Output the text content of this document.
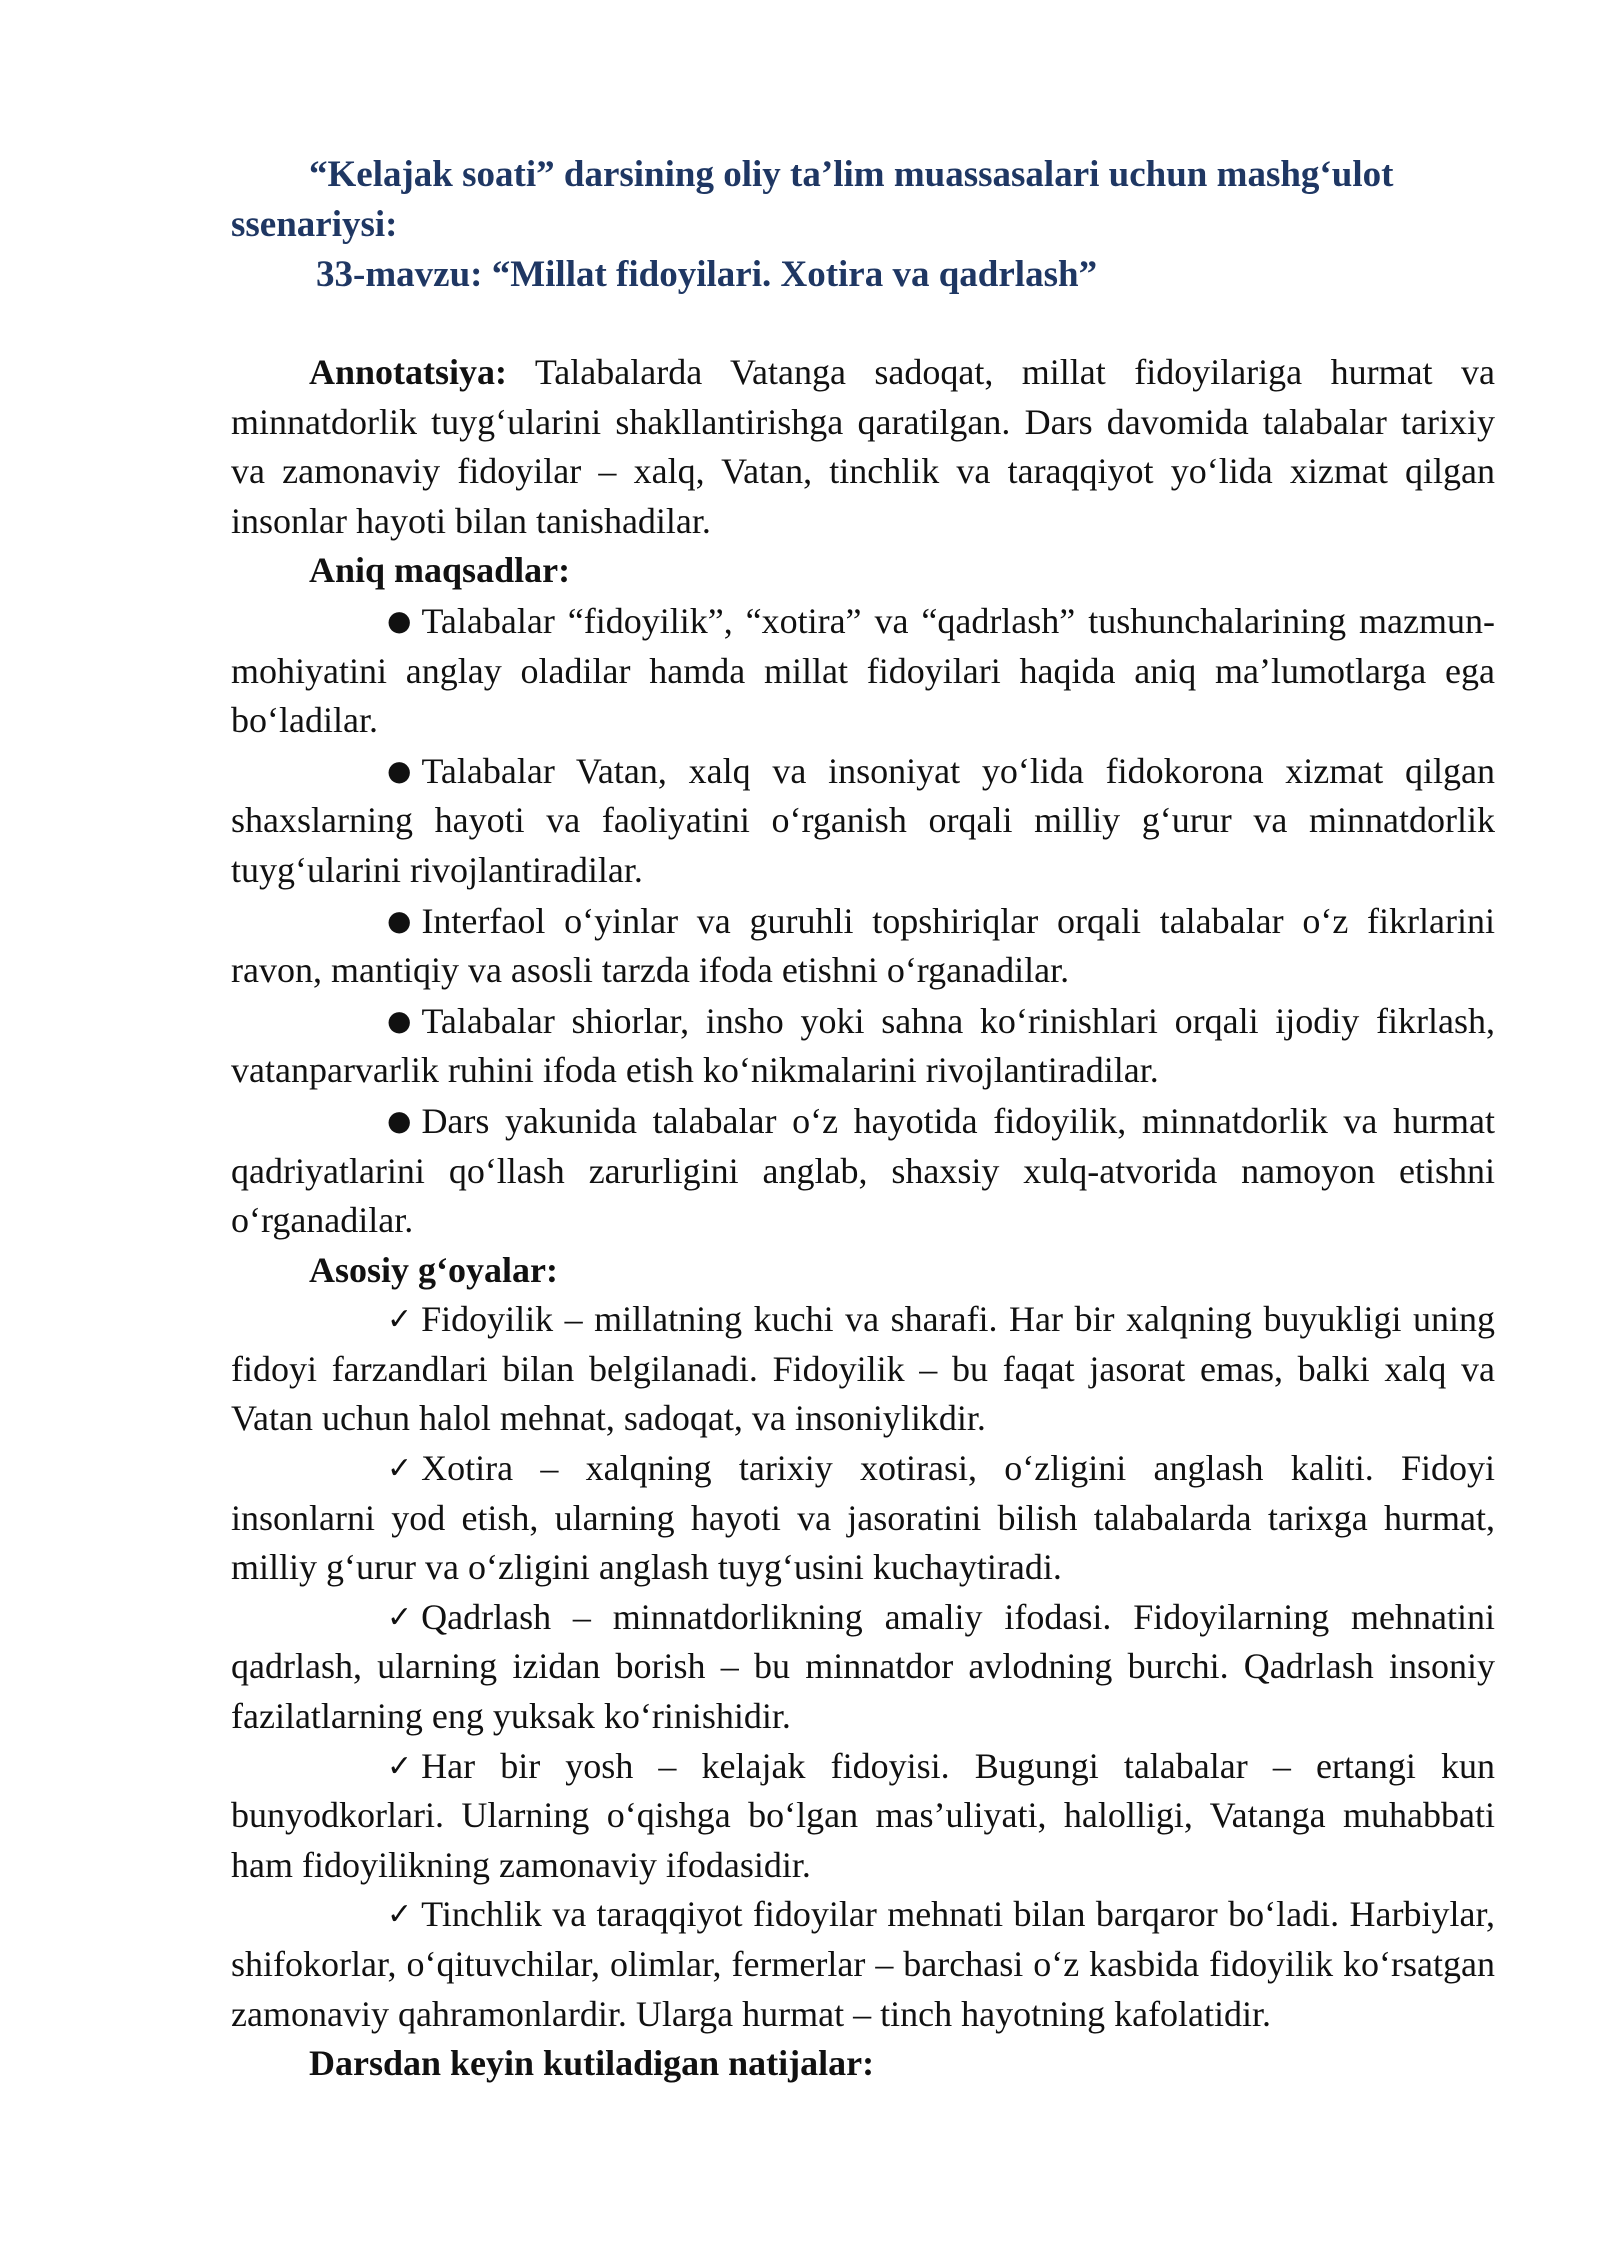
“Kelajak soati” darsining oliy ta’lim muassasalari uchun mashg‘ulot ssenariysi:
33-mavzu: “Millat fidoyilari. Xotira va qadrlash”

Annotatsiya: Talabalarda Vatanga sadoqat, millat fidoyilariga hurmat va minnatdorlik tuyg‘ularini shakllantirishga qaratilgan. Dars davomida talabalar tarixiy va zamonaviy fidoyilar – xalq, Vatan, tinchlik va taraqqiyot yo‘lida xizmat qilgan insonlar hayoti bilan tanishadilar.

Aniq maqsadlar:

● Talabalar “fidoyilik”, “xotira” va “qadrlash” tushunchalarining mazmun-mohiyatini anglay oladilar hamda millat fidoyilari haqida aniq ma’lumotlarga ega bo‘ladilar.

● Talabalar Vatan, xalq va insoniyat yo‘lida fidokorona xizmat qilgan shaxslarning hayoti va faoliyatini o‘rganish orqali milliy g‘urur va minnatdorlik tuyg‘ularini rivojlantiradilar.

● Interfaol o‘yinlar va guruhli topshiriqlar orqali talabalar o‘z fikrlarini ravon, mantiqiy va asosli tarzda ifoda etishni o‘rganadilar.

● Talabalar shiorlar, insho yoki sahna ko‘rinishlari orqali ijodiy fikrlash, vatanparvarlik ruhini ifoda etish ko‘nikmalarini rivojlantiradilar.

● Dars yakunida talabalar o‘z hayotida fidoyilik, minnatdorlik va hurmat qadriyatlarini qo‘llash zarurligini anglab, shaxsiy xulq-atvorida namoyon etishni o‘rganadilar.

Asosiy g‘oyalar:

✓ Fidoyilik – millatning kuchi va sharafi. Har bir xalqning buyukligi uning fidoyi farzandlari bilan belgilanadi. Fidoyilik – bu faqat jasorat emas, balki xalq va Vatan uchun halol mehnat, sadoqat, va insoniylikdir.

✓ Xotira – xalqning tarixiy xotirasi, o‘zligini anglash kaliti. Fidoyi insonlarni yod etish, ularning hayoti va jasoratini bilish talabalarda tarixga hurmat, milliy g‘urur va o‘zligini anglash tuyg‘usini kuchaytiradi.

✓ Qadrlash – minnatdorlikning amaliy ifodasi. Fidoyilarning mehnatini qadrlash, ularning izidan borish – bu minnatdor avlodning burchi. Qadrlash insoniy fazilatlarning eng yuksak ko‘rinishidir.

✓ Har bir yosh – kelajak fidoyisi. Bugungi talabalar – ertangi kun bunyodkorlari. Ularning o‘qishga bo‘lgan mas’uliyati, halolligi, Vatanga muhabbati ham fidoyilikning zamonaviy ifodasidir.

✓ Tinchlik va taraqqiyot fidoyilar mehnati bilan barqaror bo‘ladi. Harbiylar, shifokorlar, o‘qituvchilar, olimlar, fermerlar – barchasi o‘z kasbida fidoyilik ko‘rsatgan zamonaviy qahramonlardir. Ularga hurmat – tinch hayotning kafolatidir.

Darsdan keyin kutiladigan natijalar:
